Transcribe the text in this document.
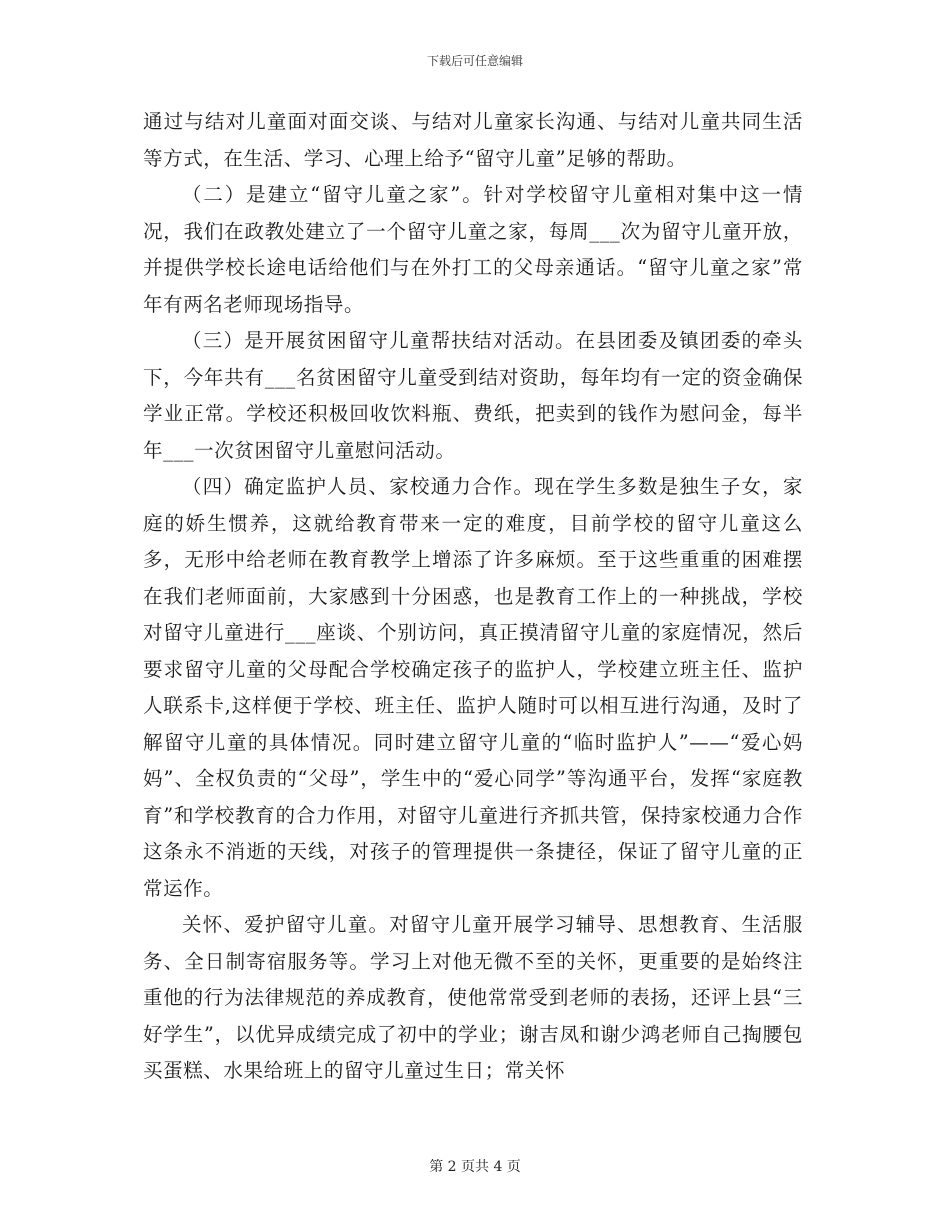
下载后可任意编辑

通过与结对儿童面对面交谈、与结对儿童家长沟通、与结对儿童共同生活等方式，在生活、学习、心理上给予“留守儿童”足够的帮助。

（二）是建立“留守儿童之家”。针对学校留守儿童相对集中这一情况，我们在政教处建立了一个留守儿童之家，每周___次为留守儿童开放，并提供学校长途电话给他们与在外打工的父母亲通话。“留守儿童之家”常年有两名老师现场指导。

（三）是开展贫困留守儿童帮扶结对活动。在县团委及镇团委的牵头下，今年共有___名贫困留守儿童受到结对资助，每年均有一定的资金确保学业正常。学校还积极回收饮料瓶、费纸，把卖到的钱作为慰问金，每半年___一次贫困留守儿童慰问活动。

（四）确定监护人员、家校通力合作。现在学生多数是独生子女，家庭的娇生惯养，这就给教育带来一定的难度，目前学校的留守儿童这么多，无形中给老师在教育教学上增添了许多麻烦。至于这些重重的困难摆在我们老师面前，大家感到十分困惑，也是教育工作上的一种挑战，学校对留守儿童进行___座谈、个别访问，真正摸清留守儿童的家庭情况，然后要求留守儿童的父母配合学校确定孩子的监护人，学校建立班主任、监护人联系卡,这样便于学校、班主任、监护人随时可以相互进行沟通，及时了解留守儿童的具体情况。同时建立留守儿童的“临时监护人”——“爱心妈妈”、全权负责的“父母”，学生中的“爱心同学”等沟通平台，发挥“家庭教育”和学校教育的合力作用，对留守儿童进行齐抓共管，保持家校通力合作这条永不消逝的天线，对孩子的管理提供一条捷径，保证了留守儿童的正常运作。

关怀、爱护留守儿童。对留守儿童开展学习辅导、思想教育、生活服务、全日制寄宿服务等。学习上对他无微不至的关怀，更重要的是始终注重他的行为法律规范的养成教育，使他常常受到老师的表扬，还评上县“三好学生”，以优异成绩完成了初中的学业；谢吉凤和谢少鸿老师自己掏腰包买蛋糕、水果给班上的留守儿童过生日；常关怀

第 2 页共 4 页
